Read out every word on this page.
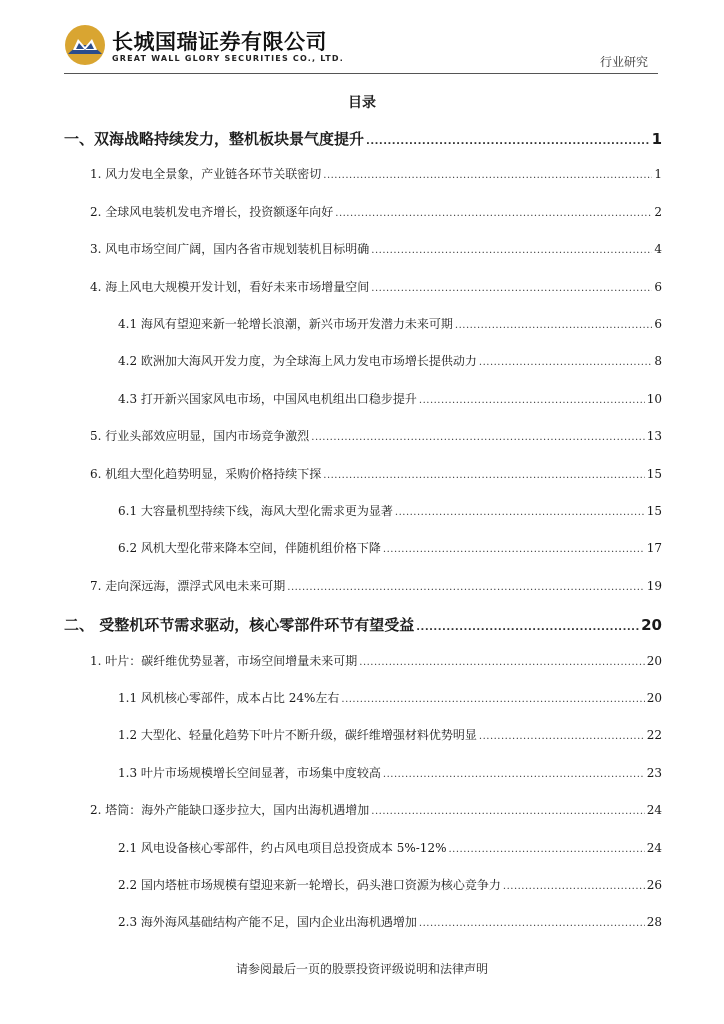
长城国瑞证券有限公司
GREAT WALL GLORY SECURITIES CO., LTD.	行业研究
目录
一、双海战略持续发力，整机板块景气度提升 .....	1
1. 风力发电全景象，产业链各环节关联密切 .....	1
2. 全球风电装机发电齐增长，投资额逐年向好 .....	2
3. 风电市场空间广阔，国内各省市规划装机目标明确 .....	4
4. 海上风电大规模开发计划，看好未来市场增量空间 .....	6
4.1 海风有望迎来新一轮增长浪潮，新兴市场开发潜力未来可期 .....	6
4.2 欧洲加大海风开发力度，为全球海上风力发电市场增长提供动力 .....	8
4.3 打开新兴国家风电市场，中国风电机组出口稳步提升 .....	10
5. 行业头部效应明显，国内市场竞争激烈 .....	13
6. 机组大型化趋势明显，采购价格持续下探 .....	15
6.1 大容量机型持续下线，海风大型化需求更为显著 .....	15
6.2 风机大型化带来降本空间，伴随机组价格下降 .....	17
7. 走向深远海，漂浮式风电未来可期 .....	19
二、 受整机环节需求驱动，核心零部件环节有望受益 .....	20
1. 叶片：碳纤维优势显著，市场空间增量未来可期 .....	20
1.1 风机核心零部件，成本占比 24%左右 .....	20
1.2 大型化、轻量化趋势下叶片不断升级，碳纤维增强材料优势明显 .....	22
1.3 叶片市场规模增长空间显著，市场集中度较高 .....	23
2. 塔筒：海外产能缺口逐步拉大，国内出海机遇增加 .....	24
2.1 风电设备核心零部件，约占风电项目总投资成本 5%-12% .....	24
2.2 国内塔桩市场规模有望迎来新一轮增长，码头港口资源为核心竞争力 .....	26
2.3 海外海风基础结构产能不足，国内企业出海机遇增加 .....	28
请参阅最后一页的股票投资评级说明和法律声明
